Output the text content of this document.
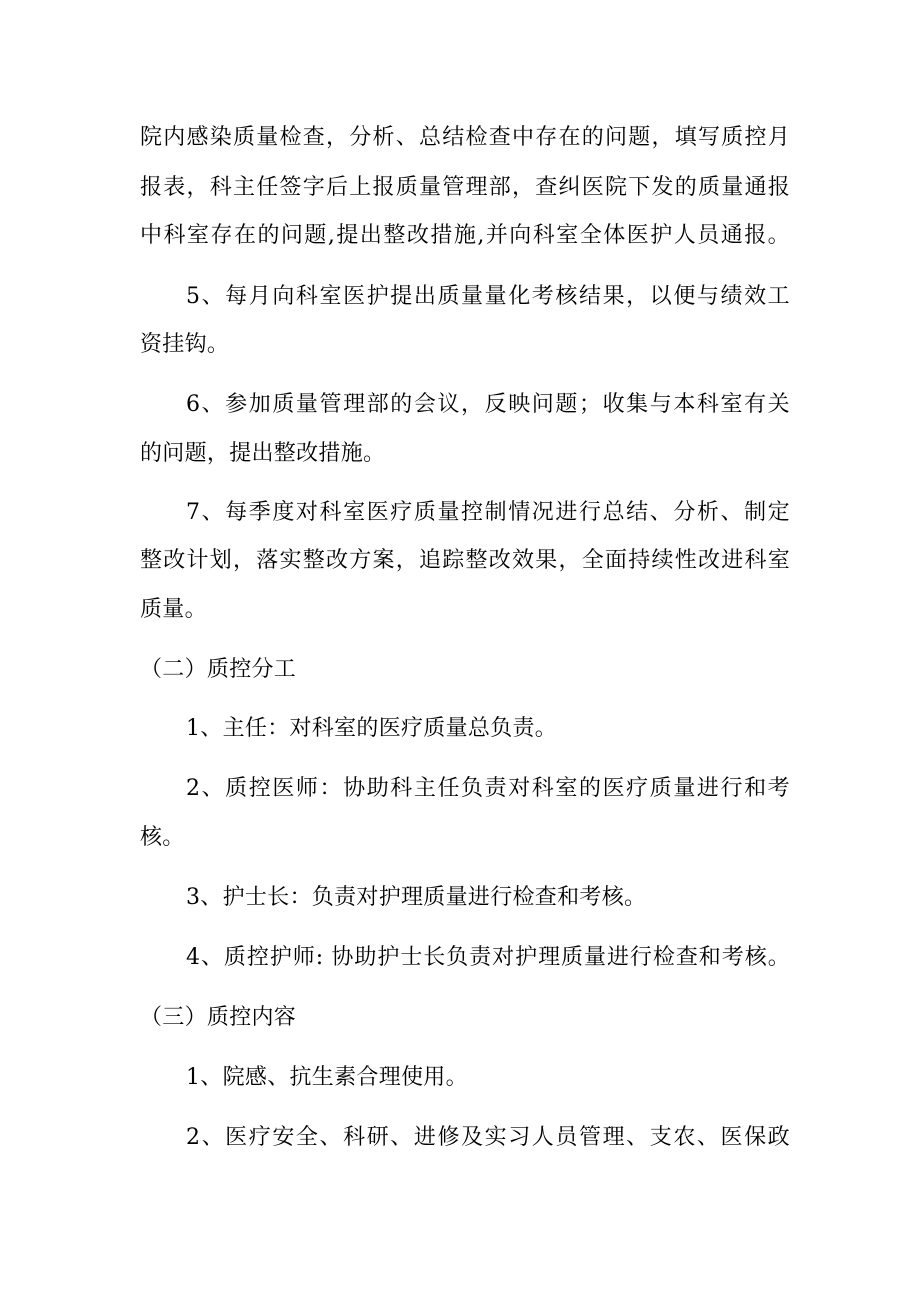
院内感染质量检查，分析、总结检查中存在的问题，填写质控月
报表，科主任签字后上报质量管理部，查纠医院下发的质量通报
中科室存在的问题,提出整改措施,并向科室全体医护人员通报。
5、每月向科室医护提出质量量化考核结果，以便与绩效工
资挂钩。
6、参加质量管理部的会议，反映问题；收集与本科室有关
的问题，提出整改措施。
7、每季度对科室医疗质量控制情况进行总结、分析、制定
整改计划，落实整改方案，追踪整改效果，全面持续性改进科室
质量。
（二）质控分工
1、主任：对科室的医疗质量总负责。
2、质控医师：协助科主任负责对科室的医疗质量进行和考
核。
3、护士长：负责对护理质量进行检查和考核。
4、质控护师: 协助护士长负责对护理质量进行检查和考核。
（三）质控内容
1、院感、抗生素合理使用。
2、医疗安全、科研、进修及实习人员管理、支农、医保政
